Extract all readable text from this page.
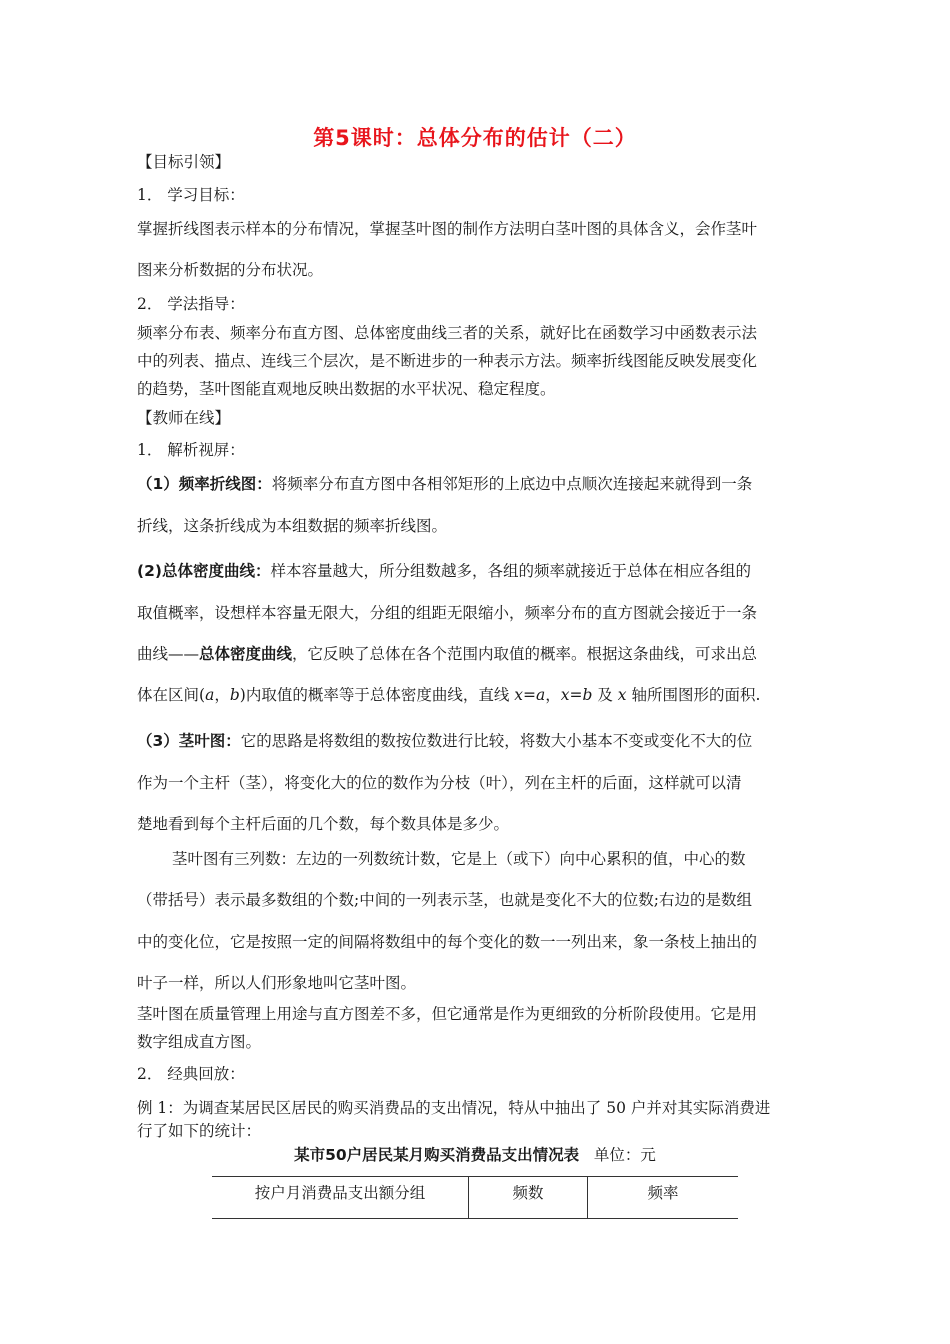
第5课时：总体分布的估计（二）
【目标引领】
1． 学习目标：
掌握折线图表示样本的分布情况，掌握茎叶图的制作方法明白茎叶图的具体含义，会作茎叶
图来分析数据的分布状况。
2． 学法指导：
频率分布表、频率分布直方图、总体密度曲线三者的关系，就好比在函数学习中函数表示法
中的列表、描点、连线三个层次，是不断进步的一种表示方法。频率折线图能反映发展变化
的趋势，茎叶图能直观地反映出数据的水平状况、稳定程度。
【教师在线】
1． 解析视屏：
（1）频率折线图：将频率分布直方图中各相邻矩形的上底边中点顺次连接起来就得到一条
折线，这条折线成为本组数据的频率折线图。
(2)总体密度曲线：样本容量越大，所分组数越多，各组的频率就接近于总体在相应各组的
取值概率，设想样本容量无限大，分组的组距无限缩小，频率分布的直方图就会接近于一条
曲线——总体密度曲线，它反映了总体在各个范围内取值的概率。根据这条曲线，可求出总
体在区间(a，b)内取值的概率等于总体密度曲线，直线 x=a，x=b 及 x 轴所围图形的面积.
（3）茎叶图：它的思路是将数组的数按位数进行比较，将数大小基本不变或变化不大的位
作为一个主杆（茎），将变化大的位的数作为分枝（叶），列在主杆的后面，这样就可以清
楚地看到每个主杆后面的几个数，每个数具体是多少。
茎叶图有三列数：左边的一列数统计数，它是上（或下）向中心累积的值，中心的数
（带括号）表示最多数组的个数;中间的一列表示茎，也就是变化不大的位数;右边的是数组
中的变化位，它是按照一定的间隔将数组中的每个变化的数一一列出来，象一条枝上抽出的
叶子一样，所以人们形象地叫它茎叶图。
茎叶图在质量管理上用途与直方图差不多，但它通常是作为更细致的分析阶段使用。它是用
数字组成直方图。
2． 经典回放：
例 1：为调查某居民区居民的购买消费品的支出情况，特从中抽出了 50 户并对其实际消费进
行了如下的统计：
某市50户居民某月购买消费品支出情况表 单位：元
按户月消费品支出额分组	频数	频率
